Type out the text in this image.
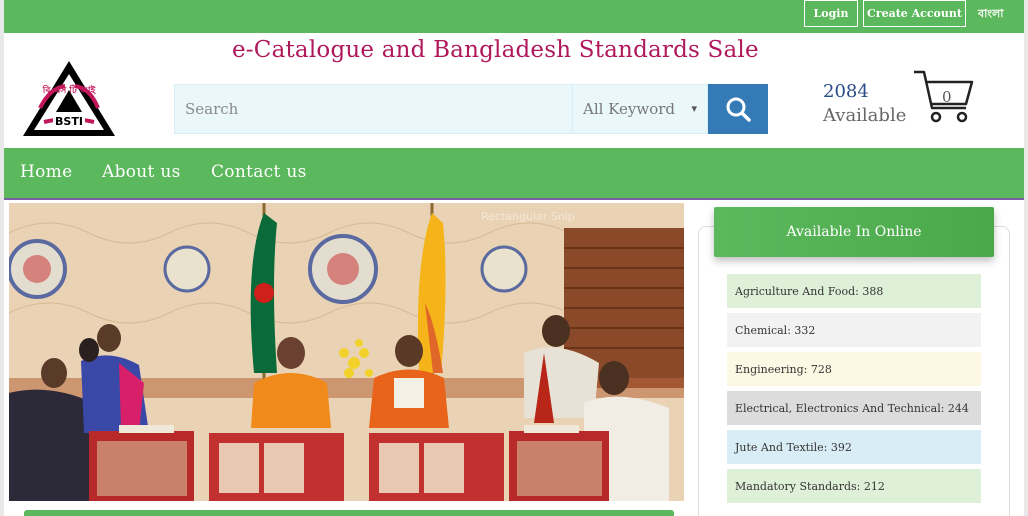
Login	Create Account	বাংলা
e-Catalogue and Bangladesh Standards Sale
বি এস টি আই
BSTI
Search
All Keyword ▾
2084
Available
0
Home About us Contact us
Rectangular Snip
Available In Online
Agriculture And Food: 388
Chemical: 332
Engineering: 728
Electrical, Electronics And Technical: 244
Jute And Textile: 392
Mandatory Standards: 212
